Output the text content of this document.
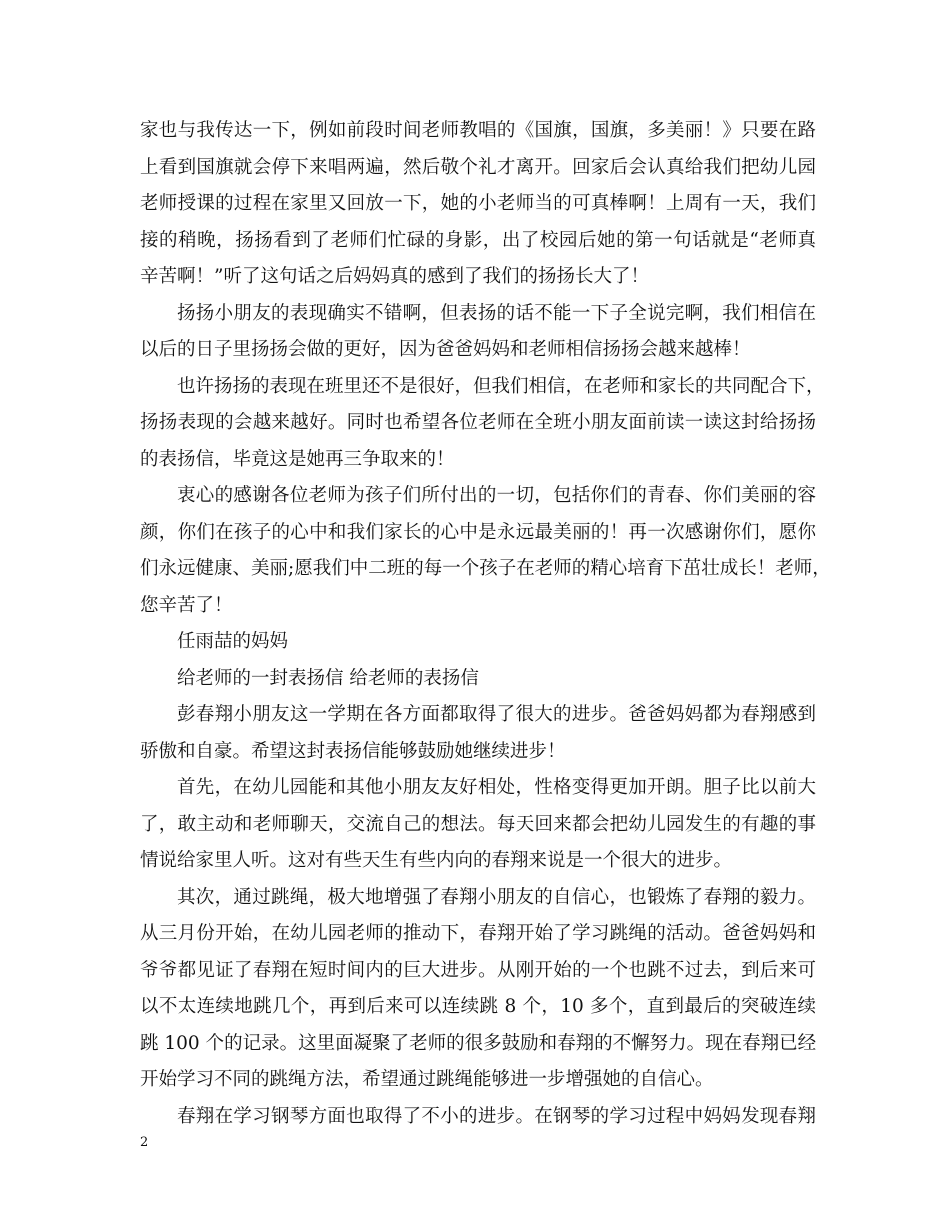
家也与我传达一下，例如前段时间老师教唱的《国旗，国旗，多美丽！》只要在路
上看到国旗就会停下来唱两遍，然后敬个礼才离开。回家后会认真给我们把幼儿园
老师授课的过程在家里又回放一下，她的小老师当的可真棒啊！上周有一天，我们
接的稍晚，扬扬看到了老师们忙碌的身影，出了校园后她的第一句话就是“老师真
辛苦啊！”听了这句话之后妈妈真的感到了我们的扬扬长大了！
扬扬小朋友的表现确实不错啊，但表扬的话不能一下子全说完啊，我们相信在
以后的日子里扬扬会做的更好，因为爸爸妈妈和老师相信扬扬会越来越棒！
也许扬扬的表现在班里还不是很好，但我们相信，在老师和家长的共同配合下，
扬扬表现的会越来越好。同时也希望各位老师在全班小朋友面前读一读这封给扬扬
的表扬信，毕竟这是她再三争取来的！
衷心的感谢各位老师为孩子们所付出的一切，包括你们的青春、你们美丽的容
颜，你们在孩子的心中和我们家长的心中是永远最美丽的！再一次感谢你们，愿你
们永远健康、美丽;愿我们中二班的每一个孩子在老师的精心培育下茁壮成长！老师，
您辛苦了！
任雨喆的妈妈
给老师的一封表扬信 给老师的表扬信
彭春翔小朋友这一学期在各方面都取得了很大的进步。爸爸妈妈都为春翔感到
骄傲和自豪。希望这封表扬信能够鼓励她继续进步！
首先，在幼儿园能和其他小朋友友好相处，性格变得更加开朗。胆子比以前大
了，敢主动和老师聊天，交流自己的想法。每天回来都会把幼儿园发生的有趣的事
情说给家里人听。这对有些天生有些内向的春翔来说是一个很大的进步。
其次，通过跳绳，极大地增强了春翔小朋友的自信心，也锻炼了春翔的毅力。
从三月份开始，在幼儿园老师的推动下，春翔开始了学习跳绳的活动。爸爸妈妈和
爷爷都见证了春翔在短时间内的巨大进步。从刚开始的一个也跳不过去，到后来可
以不太连续地跳几个，再到后来可以连续跳 8 个，10 多个，直到最后的突破连续
跳 100 个的记录。这里面凝聚了老师的很多鼓励和春翔的不懈努力。现在春翔已经
开始学习不同的跳绳方法，希望通过跳绳能够进一步增强她的自信心。
春翔在学习钢琴方面也取得了不小的进步。在钢琴的学习过程中妈妈发现春翔
2
